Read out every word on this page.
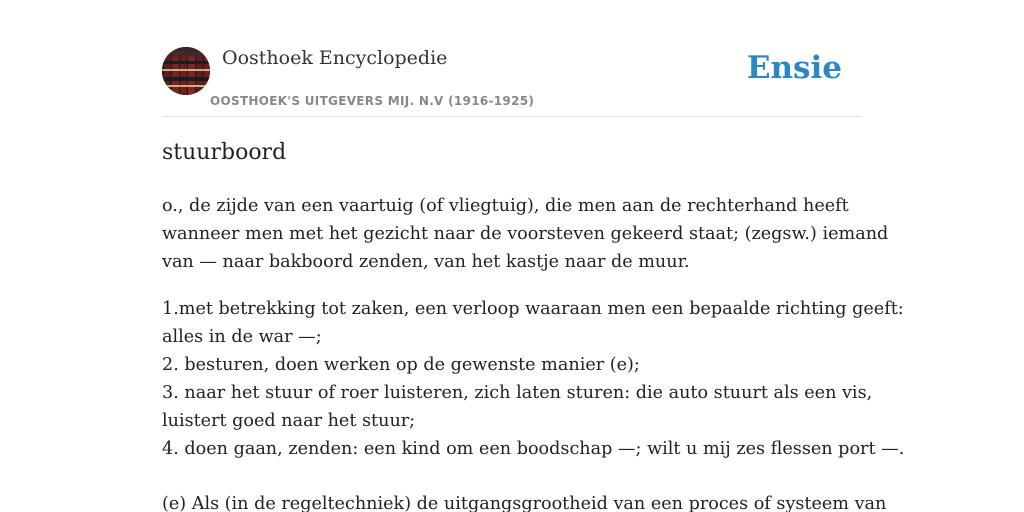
Oosthoek Encyclopedie
OOSTHOEK'S UITGEVERS MIJ. N.V (1916-1925)
Ensie
stuurboord

o., de zijde van een vaartuig (of vliegtuig), die men aan de rechterhand heeft
wanneer men met het gezicht naar de voorsteven gekeerd staat; (zegsw.) iemand
van — naar bakboord zenden, van het kastje naar de muur.

1.met betrekking tot zaken, een verloop waaraan men een bepaalde richting geeft:
alles in de war —;
2. besturen, doen werken op de gewenste manier (e);
3. naar het stuur of roer luisteren, zich laten sturen: die auto stuurt als een vis,
luistert goed naar het stuur;
4. doen gaan, zenden: een kind om een boodschap —; wilt u mij zes flessen port —.

(e) Als (in de regeltechniek) de uitgangsgrootheid van een proces of systeem van
